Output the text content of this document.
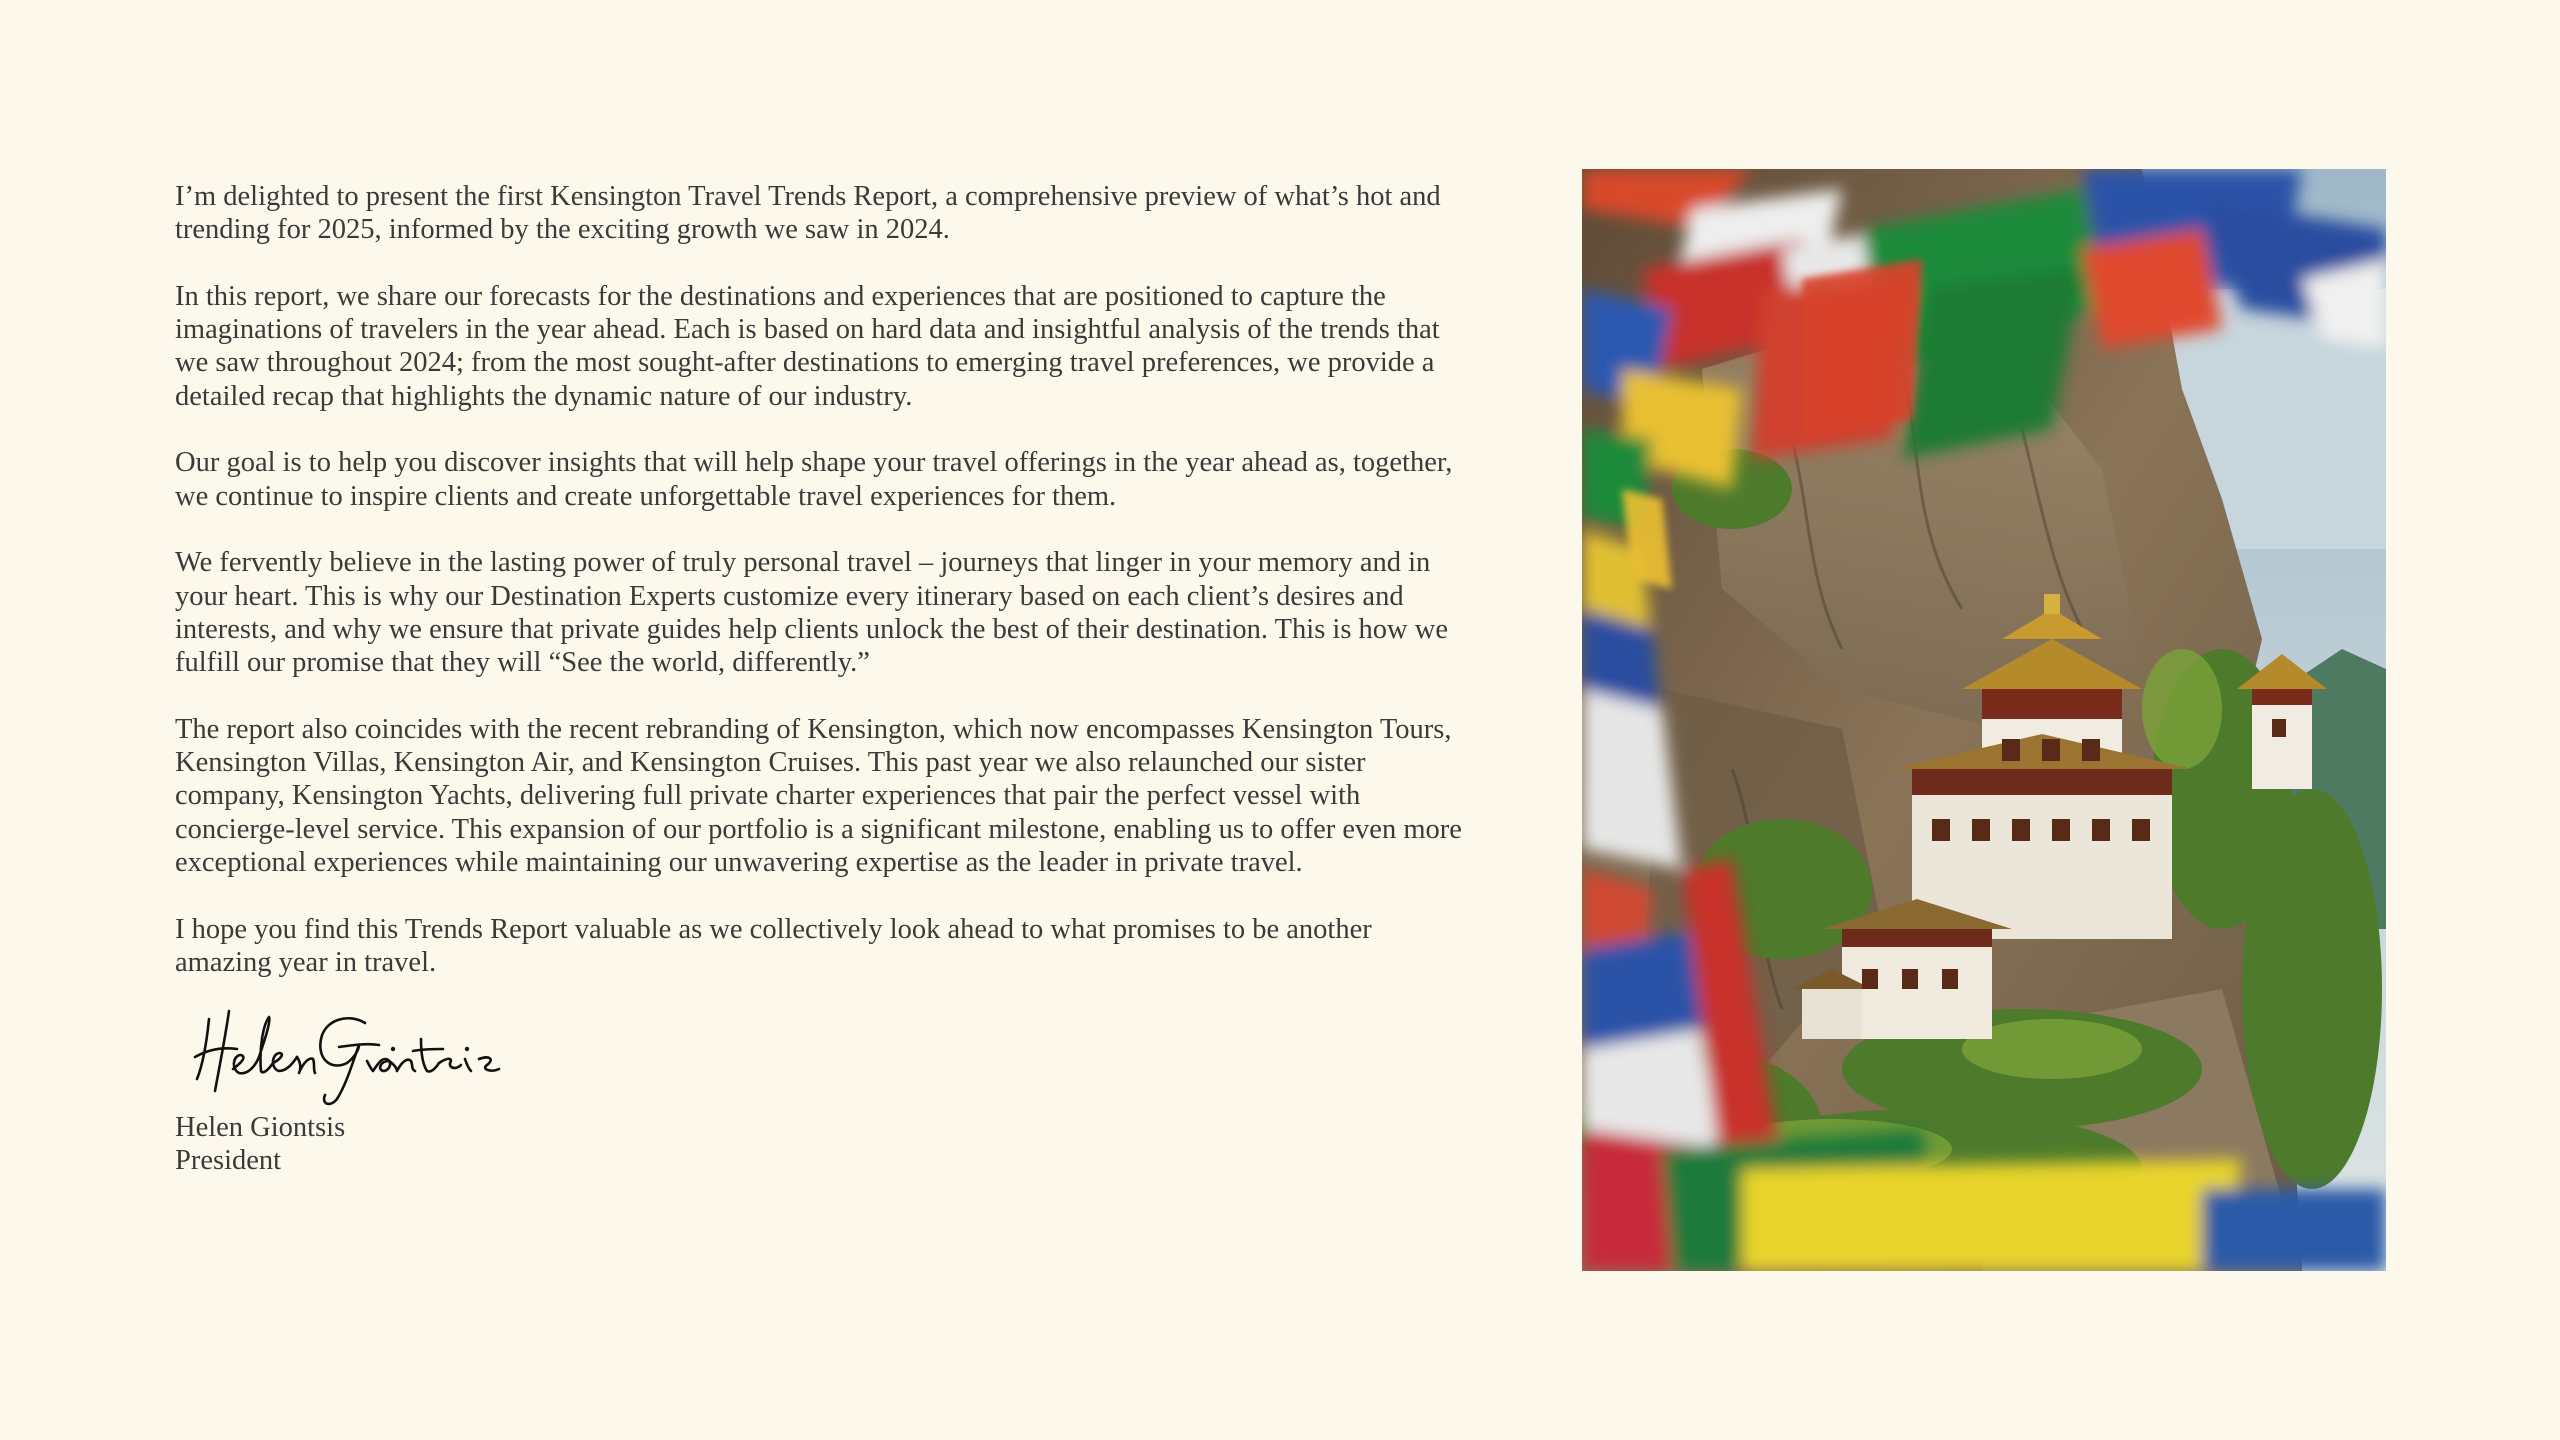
I’m delighted to present the first Kensington Travel Trends Report, a comprehensive preview of what’s hot and trending for 2025, informed by the exciting growth we saw in 2024.

In this report, we share our forecasts for the destinations and experiences that are positioned to capture the imaginations of travelers in the year ahead. Each is based on hard data and insightful analysis of the trends that we saw throughout 2024; from the most sought-after destinations to emerging travel preferences, we provide a detailed recap that highlights the dynamic nature of our industry.

Our goal is to help you discover insights that will help shape your travel offerings in the year ahead as, together, we continue to inspire clients and create unforgettable travel experiences for them.

We fervently believe in the lasting power of truly personal travel – journeys that linger in your memory and in your heart. This is why our Destination Experts customize every itinerary based on each client’s desires and interests, and why we ensure that private guides help clients unlock the best of their destination. This is how we fulfill our promise that they will “See the world, differently.”

The report also coincides with the recent rebranding of Kensington, which now encompasses Kensington Tours, Kensington Villas, Kensington Air, and Kensington Cruises. This past year we also relaunched our sister company, Kensington Yachts, delivering full private charter experiences that pair the perfect vessel with concierge-level service. This expansion of our portfolio is a significant milestone, enabling us to offer even more exceptional experiences while maintaining our unwavering expertise as the leader in private travel.

I hope you find this Trends Report valuable as we collectively look ahead to what promises to be another amazing year in travel.

Helen Giontsis
President
